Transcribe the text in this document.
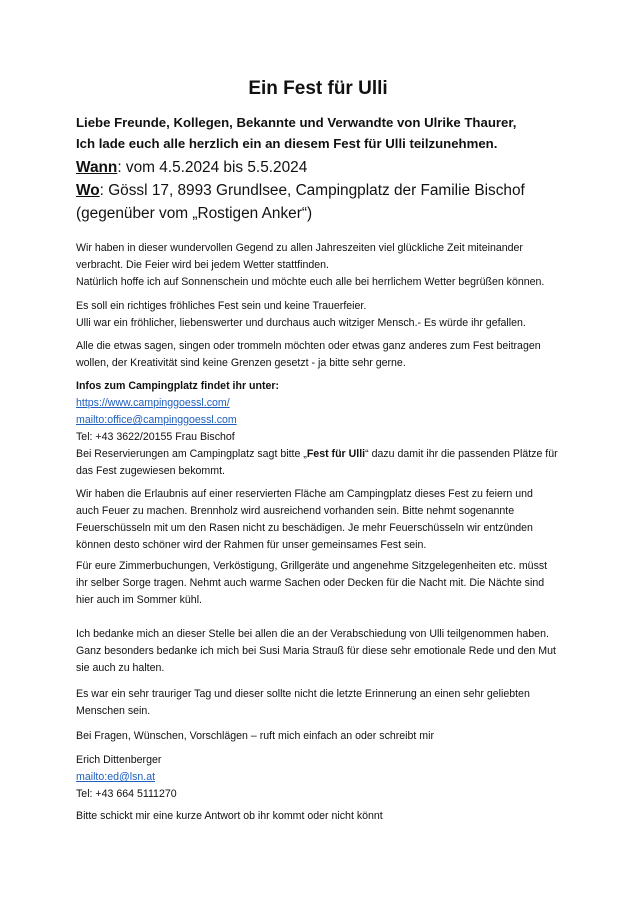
Ein Fest für Ulli
Liebe Freunde, Kollegen, Bekannte und Verwandte von Ulrike Thaurer,
Ich lade euch alle herzlich ein an diesem Fest für Ulli teilzunehmen.
Wann: vom 4.5.2024 bis 5.5.2024
Wo: Gössl 17, 8993 Grundlsee, Campingplatz der Familie Bischof
(gegenüber vom „Rostigen Anker“)

Wir haben in dieser wundervollen Gegend zu allen Jahreszeiten viel glückliche Zeit miteinander

verbracht. Die Feier wird bei jedem Wetter stattfinden.

Natürlich hoffe ich auf Sonnenschein und möchte euch alle bei herrlichem Wetter begrüßen können.

Es soll ein richtiges fröhliches Fest sein und keine Trauerfeier.

Ulli war ein fröhlicher, liebenswerter und durchaus auch witziger Mensch.- Es würde ihr gefallen.

Alle die etwas sagen, singen oder trommeln möchten oder etwas ganz anderes zum Fest beitragen

wollen, der Kreativität sind keine Grenzen gesetzt - ja bitte sehr gerne.

Infos zum Campingplatz findet ihr unter:

https://www.campinggoessl.com/

mailto:office@campinggoessl.com

Tel: +43 3622/20155 Frau Bischof

Bei Reservierungen am Campingplatz sagt bitte „Fest für Ulli“ dazu damit ihr die passenden Plätze für

das Fest zugewiesen bekommt.

Wir haben die Erlaubnis auf einer reservierten Fläche am Campingplatz dieses Fest zu feiern und

auch Feuer zu machen. Brennholz wird ausreichend vorhanden sein. Bitte nehmt sogenannte

Feuerschüsseln mit um den Rasen nicht zu beschädigen. Je mehr Feuerschüsseln wir entzünden

können desto schöner wird der Rahmen für unser gemeinsames Fest sein.

Für eure Zimmerbuchungen, Verköstigung, Grillgeräte und angenehme Sitzgelegenheiten etc. müsst

ihr selber Sorge tragen. Nehmt auch warme Sachen oder Decken für die Nacht mit. Die Nächte sind

hier auch im Sommer kühl.

Ich bedanke mich an dieser Stelle bei allen die an der Verabschiedung von Ulli teilgenommen haben.

Ganz besonders bedanke ich mich bei Susi Maria Strauß für diese sehr emotionale Rede und den Mut

sie auch zu halten.

Es war ein sehr trauriger Tag und dieser sollte nicht die letzte Erinnerung an einen sehr geliebten

Menschen sein.

Bei Fragen, Wünschen, Vorschlägen – ruft mich einfach an oder schreibt mir

Erich Dittenberger

mailto:ed@lsn.at

Tel: +43 664 5111270

Bitte schickt mir eine kurze Antwort ob ihr kommt oder nicht könnt
